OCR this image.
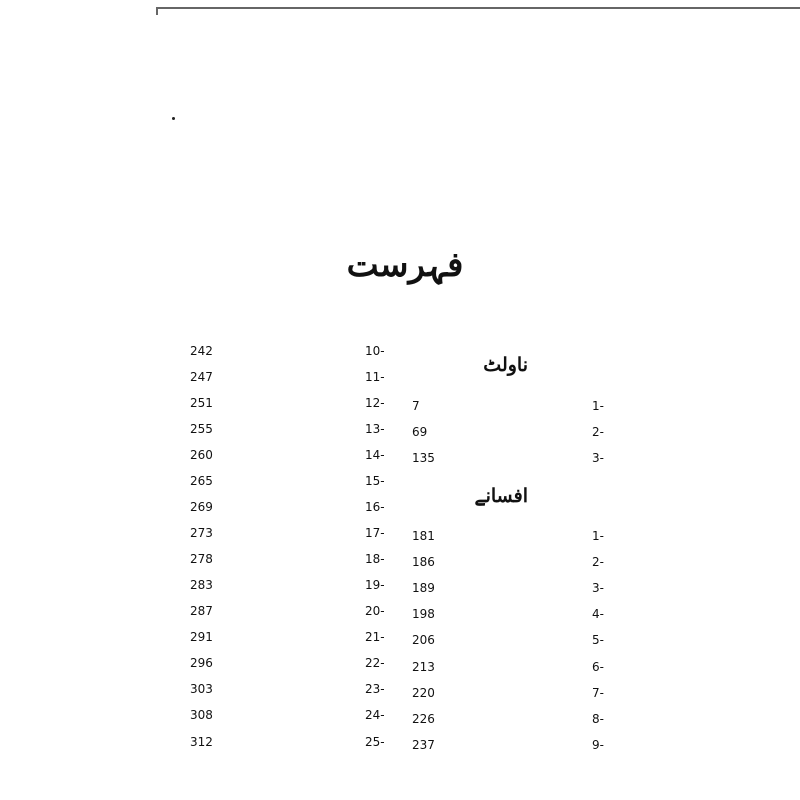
فہرست
ناولٹ
افسانے
7	1-
69	2-
135	3-
181	1-
186	2-
189	3-
198	4-
206	5-
213	6-
220	7-
226	8-
237	9-
242	10-
247	11-
251	12-
255	13-
260	14-
265	15-
269	16-
273	17-
278	18-
283	19-
287	20-
291	21-
296	22-
303	23-
308	24-
312	25-
